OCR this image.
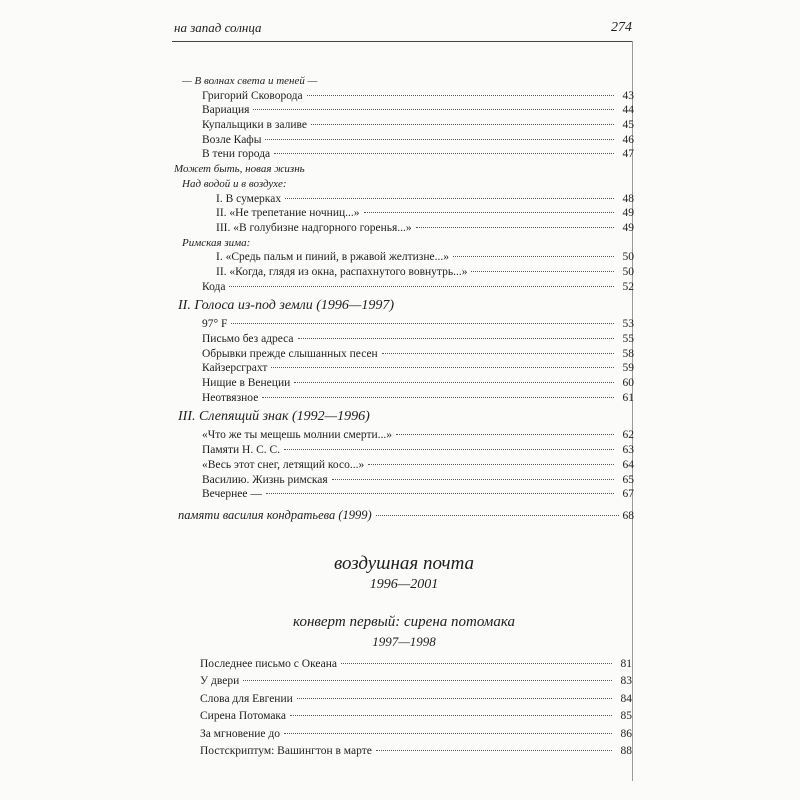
на запад солнца	274
— В волнах света и теней —
Григорий Сковорода	43
Вариация	44
Купальщики в заливе	45
Возле Кафы	46
В тени города	47
Может быть, новая жизнь
Над водой и в воздухе:
I. В сумерках	48
II. «Не трепетание ночниц...»	49
III. «В голубизне надгорного горенья...»	49
Римская зима:
I. «Средь пальм и пиний, в ржавой желтизне...»	50
II. «Когда, глядя из окна, распахнутого вовнутрь...»	50
Кода	52
II. Голоса из-под земли (1996—1997)
97° F	53
Письмо без адреса	55
Обрывки прежде слышанных песен	58
Кайзерсграхт	59
Нищие в Венеции	60
Неотвязное	61
III. Слепящий знак (1992—1996)
«Что же ты мещешь молнии смерти...»	62
Памяти Н. С. С.	63
«Весь этот снег, летящий косо...»	64
Василию. Жизнь римская	65
Вечернее —	67
памяти василия кондратьева (1999)	68
воздушная почта
1996—2001
конверт первый: сирена потомака
1997—1998
Последнее письмо с Океана	81
У двери	83
Слова для Евгении	84
Сирена Потомака	85
За мгновение до	86
Постскриптум: Вашингтон в марте	88
